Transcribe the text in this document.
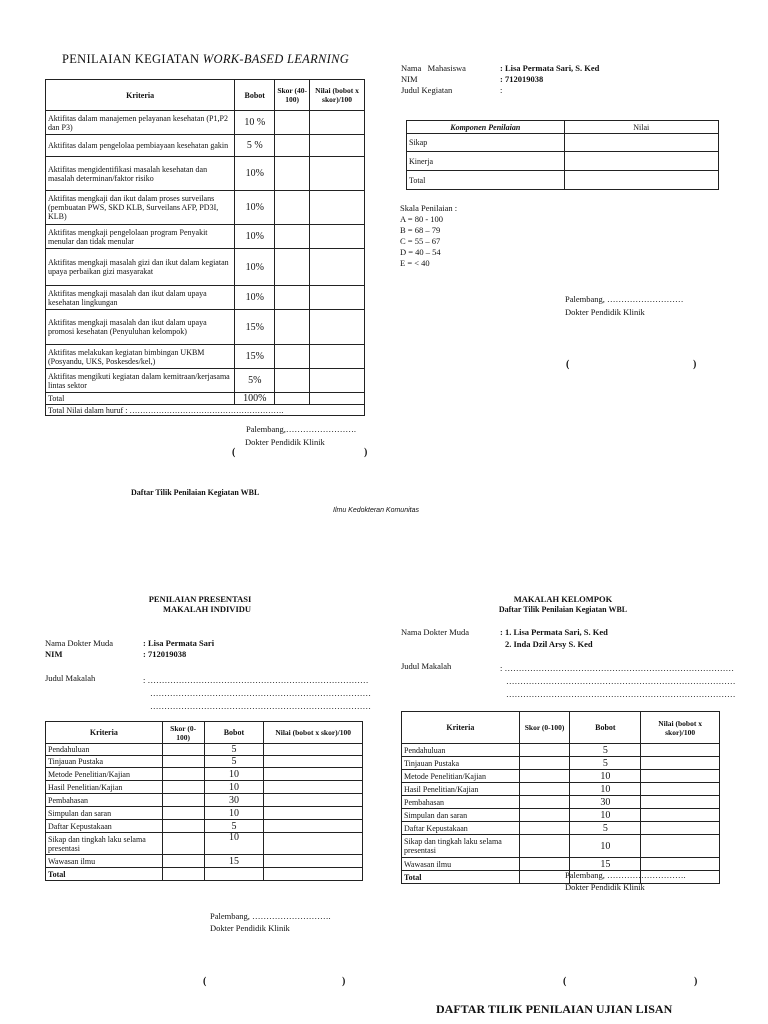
PENILAIAN KEGIATAN WORK-BASED LEARNING
Kriteria	Bobot	Skor (40-100)	Nilai (bobot x skor)/100
Aktifitas dalam manajemen pelayanan kesehatan (P1,P2 dan P3)	10 %		
Aktifitas dalam pengelolaa pembiayaan kesehatan gakin	5 %		
Aktifitas mengidentifikasi masalah kesehatan dan masalah determinan/faktor risiko	10%		
Aktifitas mengkaji dan ikut dalam proses surveilans (pembuatan PWS, SKD KLB, Surveilans AFP, PD3I, KLB)	10%		
Aktifitas mengkaji pengelolaan program Penyakit menular dan tidak menular	10%		
Aktifitas mengkaji masalah gizi dan ikut dalam kegiatan upaya perbaikan gizi masyarakat	10%		
Aktifitas mengkaji masalah dan ikut dalam upaya kesehatan lingkungan	10%		
Aktifitas mengkaji masalah dan ikut dalam upaya promosi kesehatan (Penyuluhan kelompok)	15%		
Aktifitas melakukan kegiatan bimbingan UKBM (Posyandu, UKS, Poskesdes/kel,)	15%		
Aktifitas mengikuti kegiatan dalam kemitraan/kerjasama lintas sektor	5%		
Total	100%		
Total Nilai dalam huruf : ………………………………………………….			
Palembang,…………………….
Dokter Pendidik Klinik
(	)
Daftar Tilik Penilaian Kegiatan WBL
Ilmu Kedokteran Komunitas
Nama   Mahasiswa	: Lisa Permata Sari, S. Ked
NIM	: 712019038
Judul Kegiatan	:
Komponen Penilaian	Nilai
Sikap	
Kinerja	
Total	
Skala Penilaian :
A = 80 - 100
B = 68 – 79
C = 55 – 67
D = 40 – 54
E = < 40
Palembang, ………………………
Dokter Pendidik Klinik
(	)
PENILAIAN PRESENTASI
MAKALAH INDIVIDU
Nama Dokter Muda	: Lisa Permata Sari
NIM	: 712019038
Judul Makalah	: ……………………………………………………………………
……………………………………………………………………
……………………………………………………………………
Kriteria	Skor (0-100)	Bobot	Nilai (bobot x skor)/100
Pendahuluan		5	
Tinjauan Pustaka		5	
Metode Penelitian/Kajian		10	
Hasil Penelitian/Kajian		10	
Pembahasan		30	
Simpulan dan saran		10	
Daftar Kepustakaan		5	
Sikap dan tingkah laku selama presentasi		10	
Wawasan ilmu		15	
Total			
Palembang, ……………………….
Dokter Pendidik Klinik
(	)
MAKALAH KELOMPOK
Daftar Tilik Penilaian Kegiatan WBL
Nama Dokter Muda	: 1. Lisa Permata Sari, S. Ked
2. Inda Dzil Arsy S. Ked
Judul Makalah	: ………………………………………………………………………
………………………………………………………………………
………………………………………………………………………
Kriteria	Skor (0-100)	Bobot	Nilai (bobot x skor)/100
Pendahuluan		5	
Tinjauan Pustaka		5	
Metode Penelitian/Kajian		10	
Hasil Penelitian/Kajian		10	
Pembahasan		30	
Simpulan dan saran		10	
Daftar Kepustakaan		5	
Sikap dan tingkah laku selama presentasi		10	
Wawasan ilmu		15	
Total				Palembang, ……………………….
Dokter Pendidik Klinik
(	)
DAFTAR TILIK PENILAIAN UJIAN LISAN
